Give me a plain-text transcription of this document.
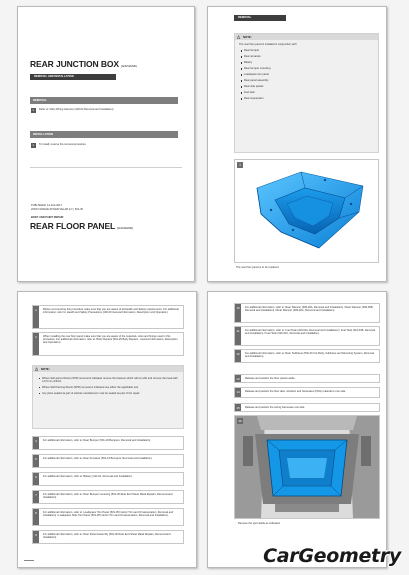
REAR JUNCTION BOX (G4VHGSD)
REMOVAL AND INSTALLATION
REMOVAL
1. Refer to: Main Wiring Harness (418-02 Removal and Installation).
INSTALLATION
1. To install, reverse the removal procedure.
PUBLISHED: 12-Feb-2017
2018.0 RANGE ROVER VELAR (LY), 501-30
BODY AND PAINT REPAIR
REAR FLOOR PANEL (G4VHGSD)
REMOVAL
△ NOTE:
The rear floor panel is installed in conjunction with:
Rear bumper
Rear armature
Battery
Rear bumper mounting
Loadspace trim panel
Rear panel assembly
Rear side panels
Fuel tank
Rear suspension
1
The rear floor panel is to be replaced.
1	Before commencing this procedure make sure that you are aware of all Health and Safety requirements. For additional information, refer to: Health and Safety Precautions (100-00 General Information, Description and Operation).
2	When installing the rear floor panel make sure that you are aware of the materials, tools and fixings used in this procedure. For additional information, refer to: Body Repairs (501-25 Body Repairs - General Information, Description and Operation).
△ NOTE:
Where Self-pierce Rivets (SPR) removal is indicated remove the fastener which will cut with and remove the head with a 6.5 mm drill bit.
Where Self Piercing Rivets (SPR) removal is indicated use either the applicable tool.
Any joints sealed as part of vehicle manufacturer must be sealed as part of the repair.
4	For additional information, refer to: Rear Bumper (501-19 Bumpers, Removal and Installation).
5	For additional information, refer to: Rear Armature (501-19 Bumpers, Removal and Installation).
6	For additional information, refer to: Battery (414-01, Removal and Installation).
7	For additional information, refer to: Rear Bumper mounting (501-30 Rear End Sheet Metal Repairs, Removal and Installation).
8	For additional information, refer to: Loadspace Trim Panel (501-05 Interior Trim and Ornamentation, Removal and Installation) / Loadspace Side Trim Panel (501-05 Interior Trim and Ornamentation, Removal and Installation).
9	For additional information, refer to: Rear Panel Assembly (501-30 Rear End Sheet Metal Repairs, Removal and Installation).
10	For additional information, refer to: Rear Silencer (309-00A, Removal and Installation) / Rear Silencer (309-00B, Removal and Installation) / Rear Silencer (309-00C, Removal and Installation).
11	For additional information, refer to: Fuel Tank (310-01A, Removal and Installation) / Fuel Tank (310-01B, Removal and Installation) / Fuel Tank (310-01C, Removal and Installation).
12	For additional information, refer to: Rear Subframe (502-00 Uni-Body, Subframe and Mounting System, Removal and Installation).
13	Release and position the floor panels aside.
14	Release and position the floor tabs, vibration and harnesses (NVH) material to one side.
15	Release and position the wiring harnesses one side.
16
Remove the spot welds as indicated.
CarGeometry
